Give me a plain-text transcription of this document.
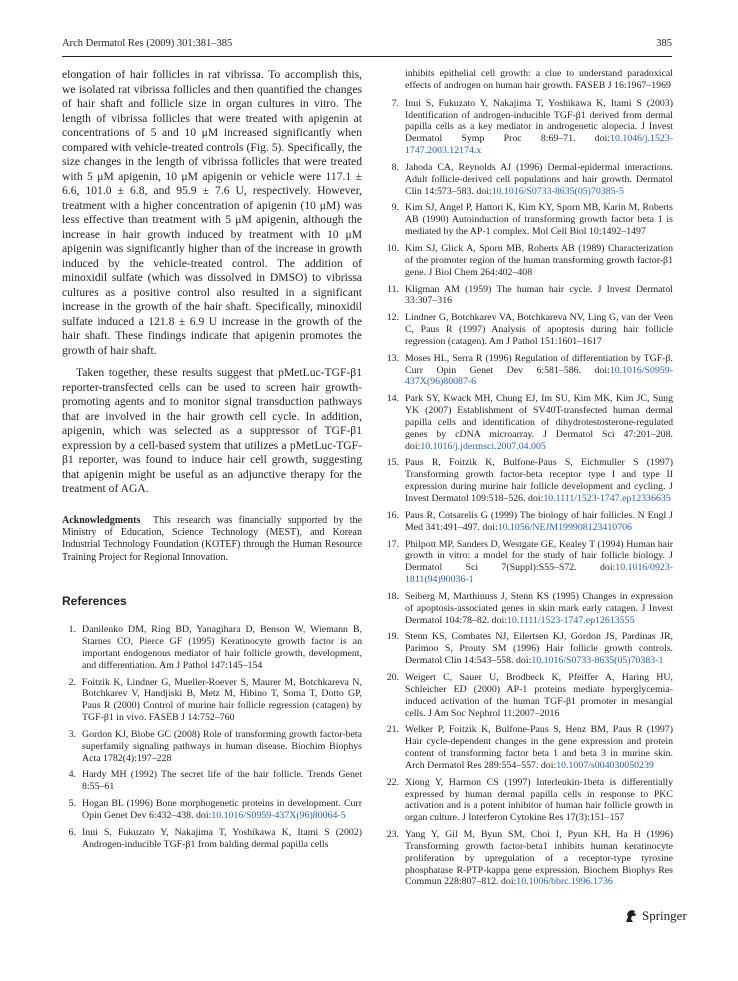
Arch Dermatol Res (2009) 301:381–385	385

elongation of hair follicles in rat vibrissa. To accomplish this, we isolated rat vibrissa follicles and then quantified the changes of hair shaft and follicle size in organ cultures in vitro. The length of vibrissa follicles that were treated with apigenin at concentrations of 5 and 10 μM increased significantly when compared with vehicle-treated controls (Fig. 5). Specifically, the size changes in the length of vibrissa follicles that were treated with 5 μM apigenin, 10 μM apigenin or vehicle were 117.1 ± 6.6, 101.0 ± 6.8, and 95.9 ± 7.6 U, respectively. However, treatment with a higher concentration of apigenin (10 μM) was less effective than treatment with 5 μM apigenin, although the increase in hair growth induced by treatment with 10 μM apigenin was significantly higher than of the increase in growth induced by the vehicle-treated control. The addition of minoxidil sulfate (which was dissolved in DMSO) to vibrissa cultures as a positive control also resulted in a significant increase in the growth of the hair shaft. Specifically, minoxidil sulfate induced a 121.8 ± 6.9 U increase in the growth of the hair shaft. These findings indicate that apigenin promotes the growth of hair shaft.

Taken together, these results suggest that pMetLuc-TGF-β1 reporter-transfected cells can be used to screen hair growth-promoting agents and to monitor signal transduction pathways that are involved in the hair growth cell cycle. In addition, apigenin, which was selected as a suppressor of TGF-β1 expression by a cell-based system that utilizes a pMetLuc-TGF-β1 reporter, was found to induce hair cell growth, suggesting that apigenin might be useful as an adjunctive therapy for the treatment of AGA.

Acknowledgments This research was financially supported by the Ministry of Education, Science Technology (MEST), and Korean Industrial Technology Foundation (KOTEF) through the Human Resource Training Project for Regional Innovation.

References
1. Danilenko DM, Ring BD, Yanagihara D, Benson W, Wiemann B, Starnes CO, Pierce GF (1995) Keratinocyte growth factor is an important endogenous mediator of hair follicle growth, development, and differentiation. Am J Pathol 147:145–154
2. Foitzik K, Lindner G, Mueller-Roever S, Maurer M, Botchkareva N, Botchkarev V, Handjiski B, Metz M, Hibino T, Soma T, Dotto GP, Paus R (2000) Control of murine hair follicle regression (catagen) by TGF-β1 in vivo. FASEB J 14:752–760
3. Gordon KJ, Blobe GC (2008) Role of transforming growth factor-beta superfamily signaling pathways in human disease. Biochim Biophys Acta 1782(4):197–228
4. Hardy MH (1992) The secret life of the hair follicle. Trends Genet 8:55–61
5. Hogan BL (1996) Bone morphogenetic proteins in development. Curr Opin Genet Dev 6:432–438. doi:10.1016/S0959-437X(96)80064-5
6. Inui S, Fukuzato Y, Nakajima T, Yoshikawa K, Itami S (2002) Androgen-inducible TGF-β1 from balding dermal papilla cells
inhibits epithelial cell growth: a clue to understand paradoxical effects of androgen on human hair growth. FASEB J 16:1967–1969
7. Inui S, Fukuzato Y, Nakajima T, Yoshikawa K, Itami S (2003) Identification of androgen-inducible TGF-β1 derived from dermal papilla cells as a key mediator in androgenetic alopecia. J Invest Dermatol Symp Proc 8:69–71. doi:10.1046/j.1523-1747.2003.12174.x
8. Jahoda CA, Reynolds AJ (1996) Dermal-epidermal interactions. Adult follicle-derived cell populations and hair growth. Dermatol Clin 14:573–583. doi:10.1016/S0733-8635(05)70385-5
9. Kim SJ, Angel P, Hattori K, Kim KY, Sporn MB, Karin M, Roberts AB (1990) Autoinduction of transforming growth factor beta 1 is mediated by the AP-1 complex. Mol Cell Biol 10:1492–1497
10. Kim SJ, Glick A, Sporn MB, Roberts AB (1989) Characterization of the promoter region of the human transforming growth factor-β1 gene. J Biol Chem 264:402–408
11. Kligman AM (1959) The human hair cycle. J Invest Dermatol 33:307–316
12. Lindner G, Botchkarev VA, Botchkareva NV, Ling G, van der Veen C, Paus R (1997) Analysis of apoptosis during hair follicle regression (catagen). Am J Pathol 151:1601–1617
13. Moses HL, Serra R (1996) Regulation of differentiation by TGF-β. Curr Opin Genet Dev 6:581–586. doi:10.1016/S0959-437X(96)80087-6
14. Park SY, Kwack MH, Chung EJ, Im SU, Kim MK, Kim JC, Sung YK (2007) Establishment of SV40T-transfected human dermal papilla cells and identification of dihydrotestosterone-regulated genes by cDNA microarray. J Dermatol Sci 47:201–208. doi:10.1016/j.jdermsci.2007.04.005
15. Paus R, Foitzik K, Bulfone-Paus S, Eichmuller S (1997) Transforming growth factor-beta receptor type I and type II expression during murine hair follicle development and cycling. J Invest Dermatol 109:518–526. doi:10.1111/1523-1747.ep12336635
16. Paus R, Cotsarelis G (1999) The biology of hair follicles. N Engl J Med 341:491–497. doi:10.1056/NEJM199908123410706
17. Philpott MP, Sanders D, Westgate GE, Kealey T (1994) Human hair growth in vitro: a model for the study of hair follicle biology. J Dermatol Sci 7(Suppl):S55–S72. doi:10.1016/0923-1811(94)90036-1
18. Seiberg M, Marthinuss J, Stenn KS (1995) Changes in expression of apoptosis-associated genes in skin mark early catagen. J Invest Dermatol 104:78–82. doi:10.1111/1523-1747.ep12613555
19. Stenn KS, Combates NJ, Eilertsen KJ, Gordon JS, Pardinas JR, Parimoo S, Prouty SM (1996) Hair follicle growth controls. Dermatol Clin 14:543–558. doi:10.1016/S0733-8635(05)70383-1
20. Weigert C, Sauer U, Brodbeck K, Pfeiffer A, Haring HU, Schleicher ED (2000) AP-1 proteins mediate hyperglycemia-induced activation of the human TGF-β1 promoter in mesangial cells. J Am Soc Nephrol 11:2007–2016
21. Welker P, Foitzik K, Bulfone-Paus S, Henz BM, Paus R (1997) Hair cycle-dependent changes in the gene expression and protein content of transforming factor beta 1 and beta 3 in murine skin. Arch Dermatol Res 289:554–557. doi:10.1007/s004030050239
22. Xiong Y, Harmon CS (1997) Interleukin-1beta is differentially expressed by human dermal papilla cells in response to PKC activation and is a potent inhibitor of human hair follicle growth in organ culture. J Interferon Cytokine Res 17(3):151–157
23. Yang Y, Gil M, Byun SM, Choi I, Pyun KH, Ha H (1996) Transforming growth factor-beta1 inhibits human keratinocyte proliferation by upregulation of a receptor-type tyrosine phosphatase R-PTP-kappa gene expression. Biochem Biophys Res Commun 228:807–812. doi:10.1006/bbrc.1996.1736
Springer
